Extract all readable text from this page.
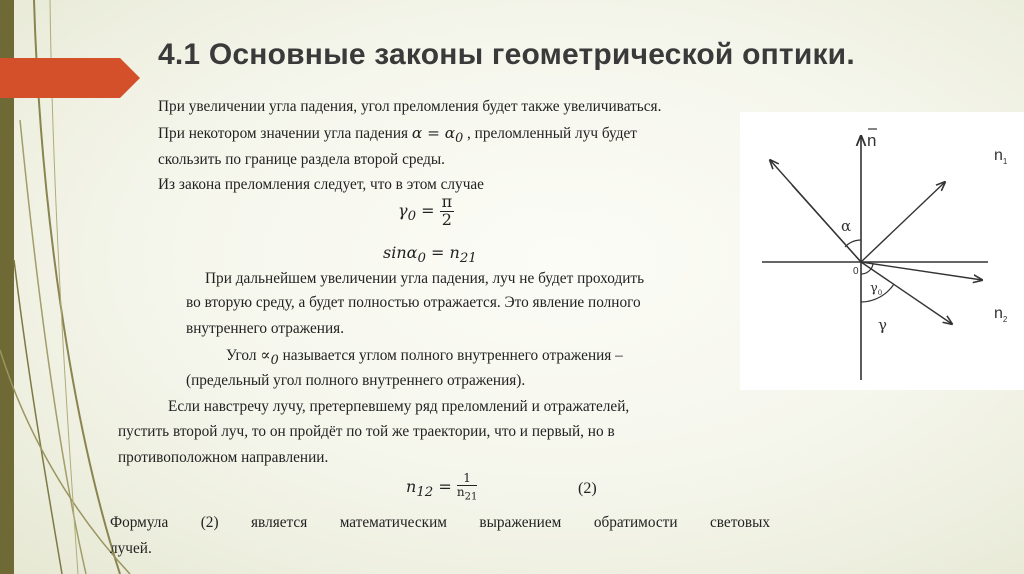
4.1 Основные законы геометрической оптики.
При увеличении угла падения, угол преломления будет также увеличиваться.
При некотором значении угла падения $\alpha = \alpha_0$ , преломленный луч будет
скользить по границе раздела второй среды.
Из закона преломления следует, что в этом случае
$\gamma_0 = \frac{\pi}{2}$
$\sin\alpha_0 = n_{21}$
При дальнейшем увеличении угла падения, луч не будет проходить
во вторую среду, а будет полностью отражается. Это явление полного
внутреннего отражения.
Угол $\propto_0$ называется углом полного внутреннего отражения –
(предельный угол полного внутреннего отражения).
Если навстречу лучу, претерпевшему ряд преломлений и отражателей,
пустить второй луч, то он пройдёт по той же траектории, что и первый, но в
противоположном направлении.
$n_{12} = \frac{1}{n_{21}}$	(2)
Формула (2) является математическим выражением обратимости световых
лучей.
n
$n_1$
$n_2$
α
0
$\gamma_0$
γ
